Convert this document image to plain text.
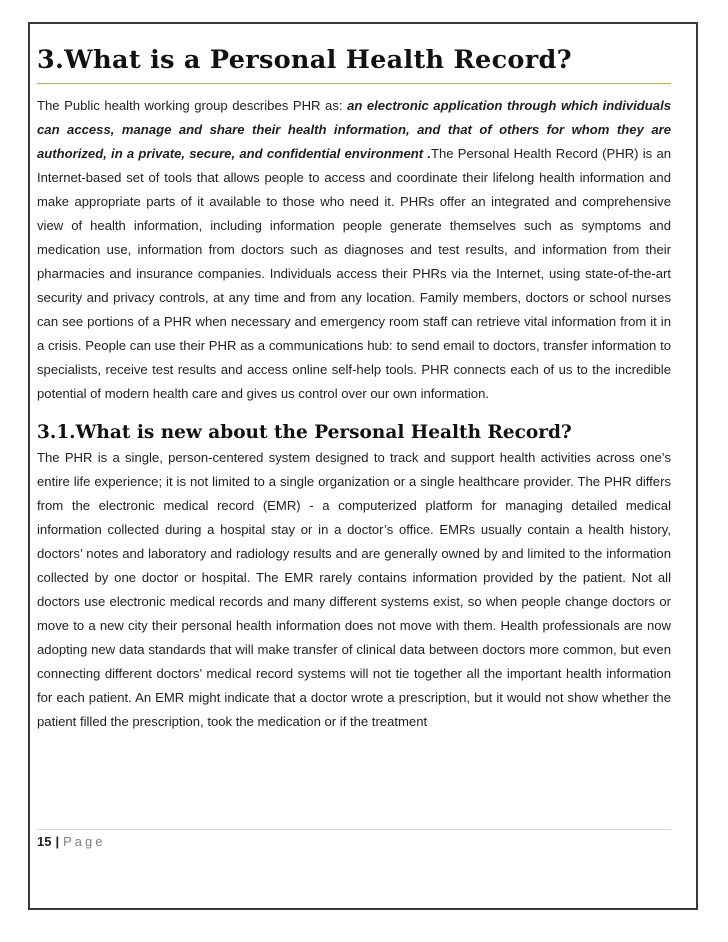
3.What is a Personal Health Record?

The Public health working group describes PHR as: an electronic application through which individuals can access, manage and share their health information, and that of others for whom they are authorized, in a private, secure, and confidential environment .The Personal Health Record (PHR) is an Internet-based set of tools that allows people to access and coordinate their lifelong health information and make appropriate parts of it available to those who need it. PHRs offer an integrated and comprehensive view of health information, including information people generate themselves such as symptoms and medication use, information from doctors such as diagnoses and test results, and information from their pharmacies and insurance companies. Individuals access their PHRs via the Internet, using state-of-the-art security and privacy controls, at any time and from any location. Family members, doctors or school nurses can see portions of a PHR when necessary and emergency room staff can retrieve vital information from it in a crisis. People can use their PHR as a communications hub: to send email to doctors, transfer information to specialists, receive test results and access online self-help tools. PHR connects each of us to the incredible potential of modern health care and gives us control over our own information.

3.1.What is new about the Personal Health Record?

The PHR is a single, person-centered system designed to track and support health activities across one’s entire life experience; it is not limited to a single organization or a single healthcare provider. The PHR differs from the electronic medical record (EMR) - a computerized platform for managing detailed medical information collected during a hospital stay or in a doctor’s office. EMRs usually contain a health history, doctors’ notes and laboratory and radiology results and are generally owned by and limited to the information collected by one doctor or hospital. The EMR rarely contains information provided by the patient. Not all doctors use electronic medical records and many different systems exist, so when people change doctors or move to a new city their personal health information does not move with them. Health professionals are now adopting new data standards that will make transfer of clinical data between doctors more common, but even connecting different doctors’ medical record systems will not tie together all the important health information for each patient. An EMR might indicate that a doctor wrote a prescription, but it would not show whether the patient filled the prescription, took the medication or if the treatment

15 | Page
